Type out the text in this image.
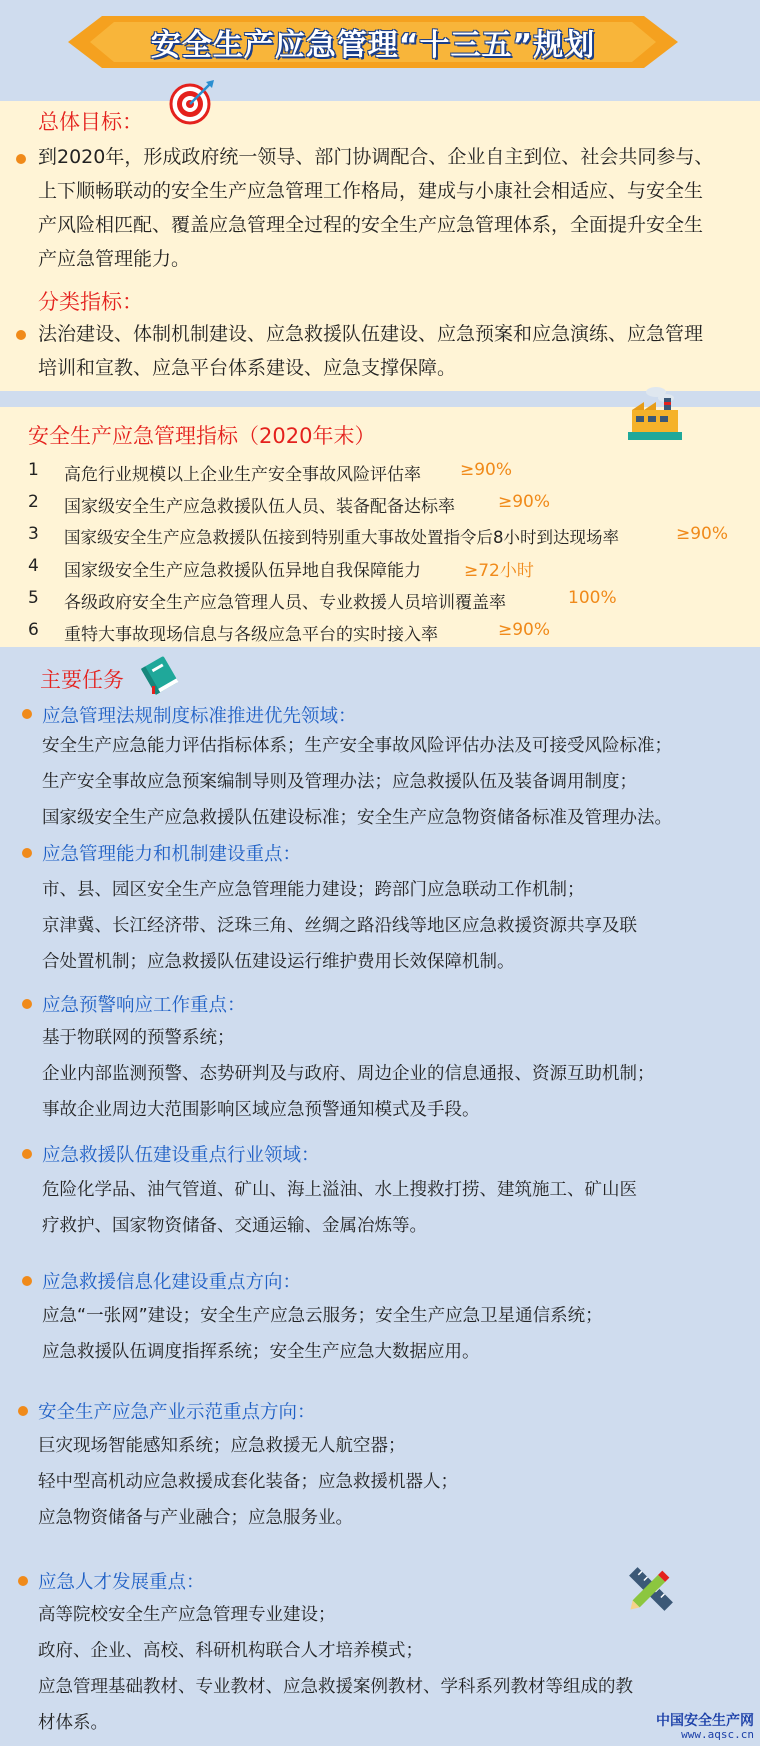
安全生产应急管理“十三五”规划
总体目标：
到2020年，形成政府统一领导、部门协调配合、企业自主到位、社会共同参与、
上下顺畅联动的安全生产应急管理工作格局，建成与小康社会相适应、与安全生
产风险相匹配、覆盖应急管理全过程的安全生产应急管理体系，全面提升安全生
产应急管理能力。
分类指标：
法治建设、体制机制建设、应急救援队伍建设、应急预案和应急演练、应急管理
培训和宣教、应急平台体系建设、应急支撑保障。
安全生产应急管理指标（2020年末）
1	高危行业规模以上企业生产安全事故风险评估率 ≥90%
2	国家级安全生产应急救援队伍人员、装备配备达标率	≥90%
3	国家级安全生产应急救援队伍接到特别重大事故处置指令后8小时到达现场率	≥90%
4	国家级安全生产应急救援队伍异地自我保障能力	≥72小时
5	各级政府安全生产应急管理人员、专业救援人员培训覆盖率	100%
6	重特大事故现场信息与各级应急平台的实时接入率	≥90%
主要任务
应急管理法规制度标准推进优先领域：
安全生产应急能力评估指标体系；生产安全事故风险评估办法及可接受风险标准；
生产安全事故应急预案编制导则及管理办法；应急救援队伍及装备调用制度；
国家级安全生产应急救援队伍建设标准；安全生产应急物资储备标准及管理办法。
应急管理能力和机制建设重点：
市、县、园区安全生产应急管理能力建设；跨部门应急联动工作机制；
京津冀、长江经济带、泛珠三角、丝绸之路沿线等地区应急救援资源共享及联
合处置机制；应急救援队伍建设运行维护费用长效保障机制。
应急预警响应工作重点：
基于物联网的预警系统；
企业内部监测预警、态势研判及与政府、周边企业的信息通报、资源互助机制；
事故企业周边大范围影响区域应急预警通知模式及手段。
应急救援队伍建设重点行业领域：
危险化学品、油气管道、矿山、海上溢油、水上搜救打捞、建筑施工、矿山医
疗救护、国家物资储备、交通运输、金属冶炼等。
应急救援信息化建设重点方向：
应急“一张网”建设；安全生产应急云服务；安全生产应急卫星通信系统；
应急救援队伍调度指挥系统；安全生产应急大数据应用。
安全生产应急产业示范重点方向：
巨灾现场智能感知系统；应急救援无人航空器；
轻中型高机动应急救援成套化装备；应急救援机器人；
应急物资储备与产业融合；应急服务业。
应急人才发展重点：
高等院校安全生产应急管理专业建设；
政府、企业、高校、科研机构联合人才培养模式；
应急管理基础教材、专业教材、应急救援案例教材、学科系列教材等组成的教
材体系。	中国安全生产网
www.aqsc.cn
